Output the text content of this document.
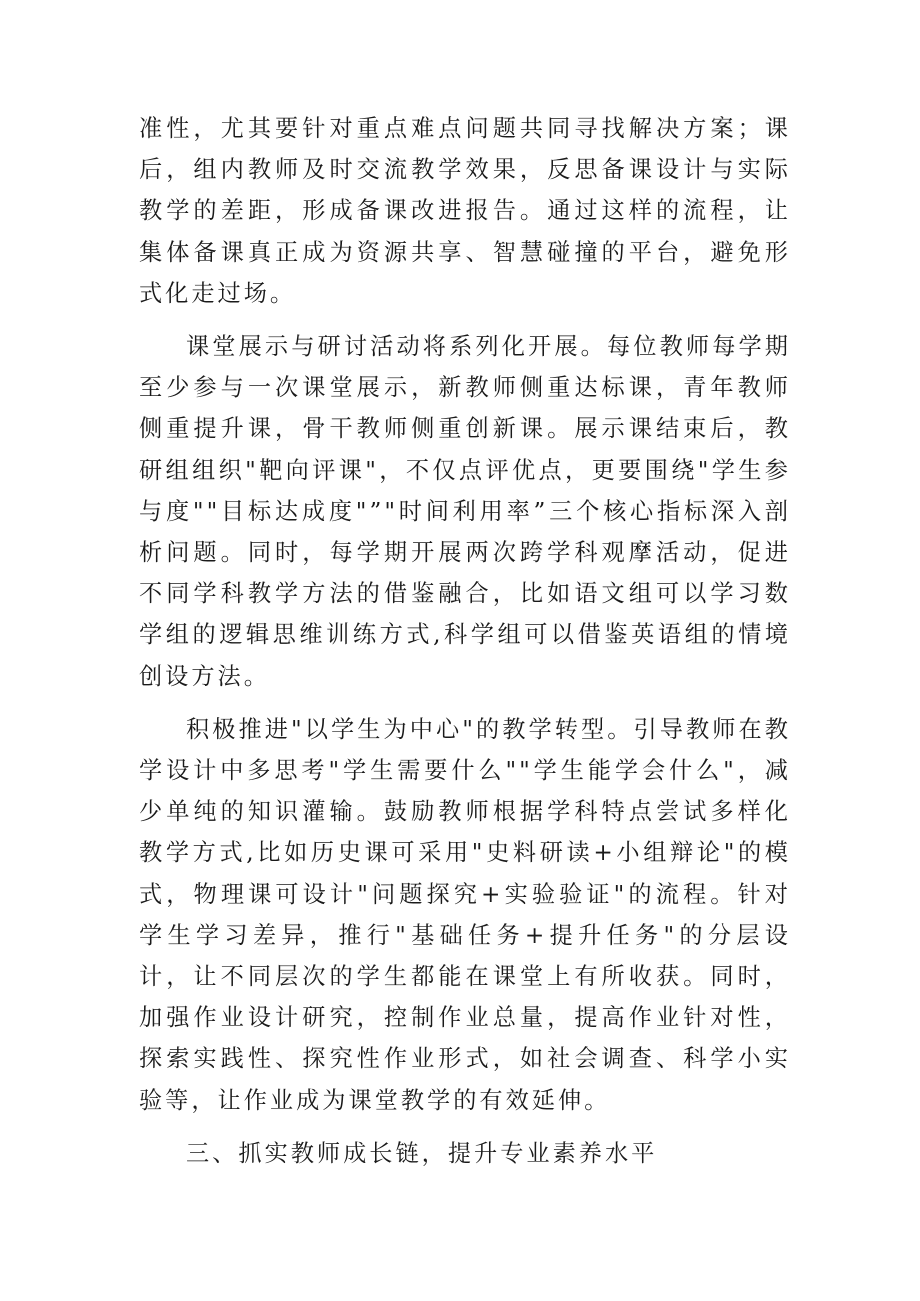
准性，尤其要针对重点难点问题共同寻找解决方案；课后，组内教师及时交流教学效果，反思备课设计与实际教学的差距，形成备课改进报告。通过这样的流程，让集体备课真正成为资源共享、智慧碰撞的平台，避免形式化走过场。

课堂展示与研讨活动将系列化开展。每位教师每学期至少参与一次课堂展示，新教师侧重达标课，青年教师侧重提升课，骨干教师侧重创新课。展示课结束后，教研组组织"靶向评课"，不仅点评优点，更要围绕"学生参与度""目标达成度"”"时间利用率”三个核心指标深入剖析问题。同时，每学期开展两次跨学科观摩活动，促进不同学科教学方法的借鉴融合，比如语文组可以学习数学组的逻辑思维训练方式,科学组可以借鉴英语组的情境创设方法。

积极推进"以学生为中心"的教学转型。引导教师在教学设计中多思考"学生需要什么""学生能学会什么"，减少单纯的知识灌输。鼓励教师根据学科特点尝试多样化教学方式,比如历史课可采用"史料研读+小组辩论"的模式，物理课可设计"问题探究+实验验证"的流程。针对学生学习差异，推行"基础任务+提升任务"的分层设计，让不同层次的学生都能在课堂上有所收获。同时，加强作业设计研究，控制作业总量，提高作业针对性，探索实践性、探究性作业形式，如社会调查、科学小实验等，让作业成为课堂教学的有效延伸。

三、抓实教师成长链，提升专业素养水平
